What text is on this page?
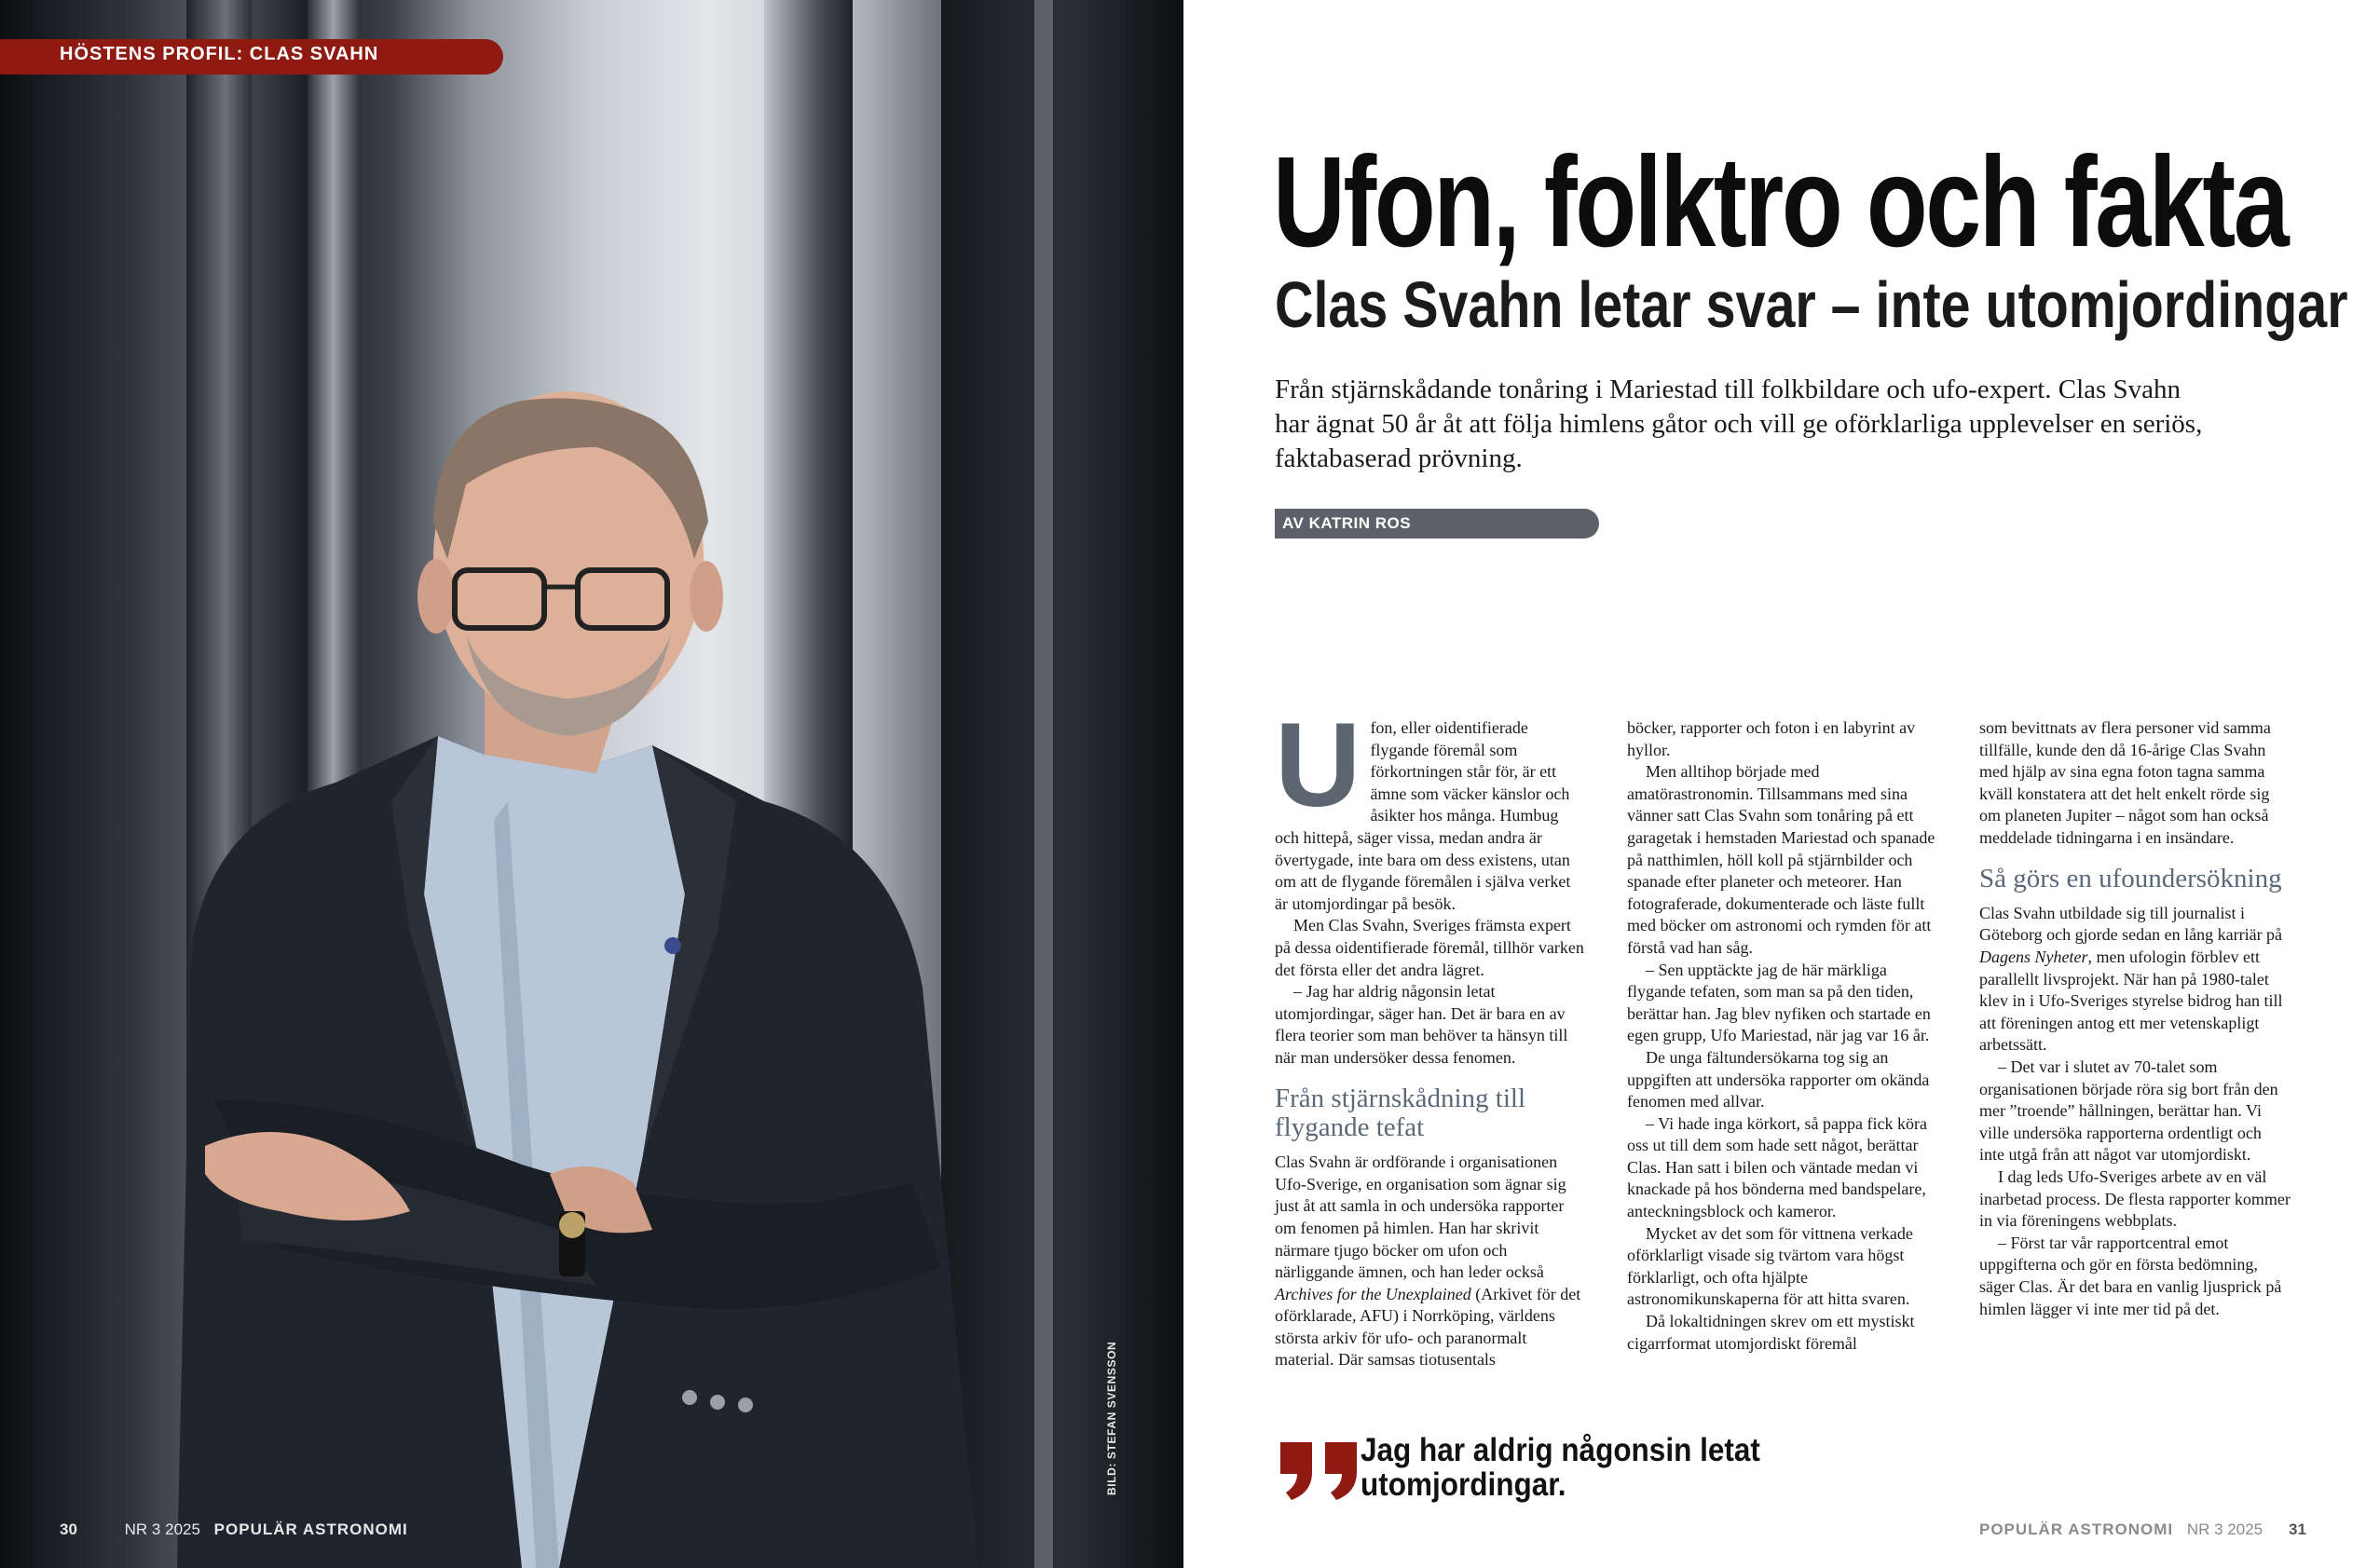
HÖSTENS PROFIL: CLAS SVAHN
BILD: STEFAN SVENSSON
30	NR 3 2025 POPULÄR ASTRONOMI
Ufon, folktro och fakta
Clas Svahn letar svar – inte utomjordingar

Från stjärnskådande tonåring i Mariestad till folkbildare och ufo-expert. Clas Svahn har ägnat 50 år åt att följa himlens gåtor och vill ge oförklarliga upplevelser en seriös, faktabaserad prövning.

AV KATRIN ROS
U fon, eller oidentifierade flygande föremål som förkortningen står för, är ett ämne som väcker känslor och åsikter hos många. Humbug och hittepå, säger vissa, medan andra är övertygade, inte bara om dess existens, utan om att de flygande föremålen i själva verket är utomjordingar på besök.

Men Clas Svahn, Sveriges främsta expert på dessa oidentifierade föremål, tillhör varken det första eller det andra lägret.

– Jag har aldrig någonsin letat utomjordingar, säger han. Det är bara en av flera teorier som man behöver ta hänsyn till när man undersöker dessa fenomen.

Från stjärnskådning till flygande tefat

Clas Svahn är ordförande i organisationen Ufo-Sverige, en organisation som ägnar sig just åt att samla in och undersöka rapporter om fenomen på himlen. Han har skrivit närmare tjugo böcker om ufon och närliggande ämnen, och han leder också Archives for the Unexplained (Arkivet för det oförklarade, AFU) i Norrköping, världens största arkiv för ufo- och paranormalt material. Där samsas tiotusentals

böcker, rapporter och foton i en labyrint av hyllor.

Men alltihop började med amatörastronomin. Tillsammans med sina vänner satt Clas Svahn som tonåring på ett garagetak i hemstaden Mariestad och spanade på natthimlen, höll koll på stjärnbilder och spanade efter planeter och meteorer. Han fotograferade, dokumenterade och läste fullt med böcker om astronomi och rymden för att förstå vad han såg.

– Sen upptäckte jag de här märkliga flygande tefaten, som man sa på den tiden, berättar han. Jag blev nyfiken och startade en egen grupp, Ufo Mariestad, när jag var 16 år.

De unga fältundersökarna tog sig an uppgiften att undersöka rapporter om okända fenomen med allvar.

– Vi hade inga körkort, så pappa fick köra oss ut till dem som hade sett något, berättar Clas. Han satt i bilen och väntade medan vi knackade på hos bönderna med bandspelare, anteckningsblock och kameror.

Mycket av det som för vittnena verkade oförklarligt visade sig tvärtom vara högst förklarligt, och ofta hjälpte astronomikunskaperna för att hitta svaren.

Då lokaltidningen skrev om ett mystiskt cigarrformat utomjordiskt föremål

som bevittnats av flera personer vid samma tillfälle, kunde den då 16-årige Clas Svahn med hjälp av sina egna foton tagna samma kväll konstatera att det helt enkelt rörde sig om planeten Jupiter – något som han också meddelade tidningarna i en insändare.

Så görs en ufoundersökning

Clas Svahn utbildade sig till journalist i Göteborg och gjorde sedan en lång karriär på Dagens Nyheter, men ufologin förblev ett parallellt livsprojekt. När han på 1980-talet klev in i Ufo-Sveriges styrelse bidrog han till att föreningen antog ett mer vetenskapligt arbetssätt.

– Det var i slutet av 70-talet som organisationen började röra sig bort från den mer ”troende” hållningen, berättar han. Vi ville undersöka rapporterna ordentligt och inte utgå från att något var utomjordiskt.

I dag leds Ufo-Sveriges arbete av en väl inarbetad process. De flesta rapporter kommer in via föreningens webbplats.

– Först tar vår rapportcentral emot uppgifterna och gör en första bedömning, säger Clas. Är det bara en vanlig ljusprick på himlen lägger vi inte mer tid på det.

Jag har aldrig någonsin letat utomjordingar.
POPULÄR ASTRONOMI NR 3 2025 31
